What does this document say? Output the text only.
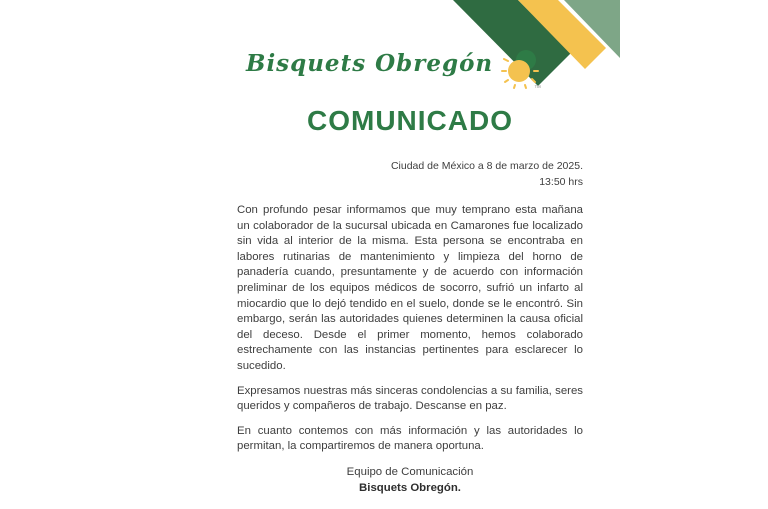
Bisquets Obregón
™
COMUNICADO
Ciudad de México a 8 de marzo de 2025.
13:50 hrs

Con profundo pesar informamos que muy temprano esta mañana un colaborador de la sucursal ubicada en Camarones fue localizado sin vida al interior de la misma. Esta persona se encontraba en labores rutinarias de mantenimiento y limpieza del horno de panadería cuando, presuntamente y de acuerdo con información preliminar de los equipos médicos de socorro, sufrió un infarto al miocardio que lo dejó tendido en el suelo, donde se le encontró. Sin embargo, serán las autoridades quienes determinen la causa oficial del deceso. Desde el primer momento, hemos colaborado estrechamente con las instancias pertinentes para esclarecer lo sucedido.

Expresamos nuestras más sinceras condolencias a su familia, seres queridos y compañeros de trabajo. Descanse en paz.

En cuanto contemos con más información y las autoridades lo permitan, la compartiremos de manera oportuna.

Equipo de Comunicación
Bisquets Obregón.
